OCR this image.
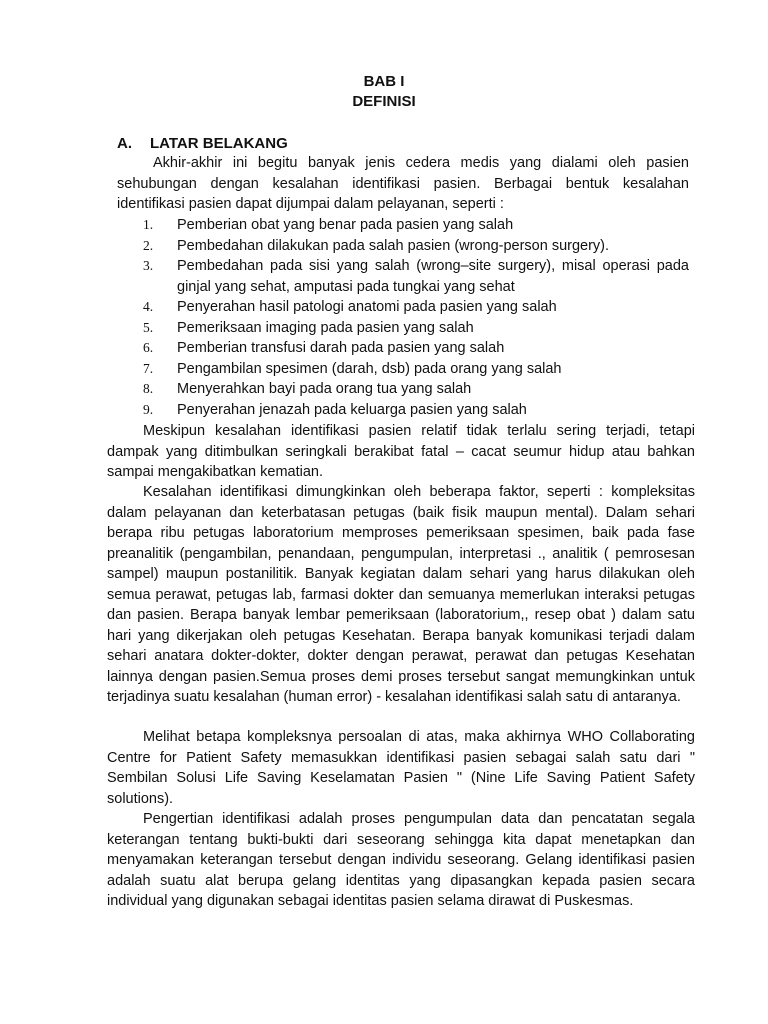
BAB I
DEFINISI
A. LATAR BELAKANG

Akhir-akhir ini begitu banyak jenis cedera medis yang dialami oleh pasien sehubungan dengan kesalahan identifikasi pasien. Berbagai bentuk kesalahan identifikasi pasien dapat dijumpai dalam pelayanan, seperti :

1.	Pemberian obat yang benar pada pasien yang salah
2.	Pembedahan dilakukan pada salah pasien (wrong-person surgery).
3.	Pembedahan pada sisi yang salah (wrong–site surgery), misal operasi pada ginjal yang sehat, amputasi pada tungkai yang sehat
4.	Penyerahan hasil patologi anatomi pada pasien yang salah
5.	Pemeriksaan imaging pada pasien yang salah
6.	Pemberian transfusi darah pada pasien yang salah
7.	Pengambilan spesimen (darah, dsb) pada orang yang salah
8.	Menyerahkan bayi pada orang tua yang salah
9.	Penyerahan jenazah pada keluarga pasien yang salah

Meskipun kesalahan identifikasi pasien relatif tidak terlalu sering terjadi, tetapi dampak yang ditimbulkan seringkali berakibat fatal – cacat seumur hidup atau bahkan sampai mengakibatkan kematian.

Kesalahan identifikasi dimungkinkan oleh beberapa faktor, seperti : kompleksitas dalam pelayanan dan keterbatasan petugas (baik fisik maupun mental). Dalam sehari berapa ribu petugas laboratorium memproses pemeriksaan spesimen, baik pada fase preanalitik (pengambilan, penandaan, pengumpulan, interpretasi ., analitik ( pemrosesan sampel) maupun postanilitik. Banyak kegiatan dalam sehari yang harus dilakukan oleh semua perawat, petugas lab, farmasi dokter dan semuanya memerlukan interaksi petugas dan pasien. Berapa banyak lembar pemeriksaan (laboratorium,, resep obat ) dalam satu hari yang dikerjakan oleh petugas Kesehatan. Berapa banyak komunikasi terjadi dalam sehari anatara dokter-dokter, dokter dengan perawat, perawat dan petugas Kesehatan lainnya dengan pasien.Semua proses demi proses tersebut sangat memungkinkan untuk terjadinya suatu kesalahan (human error) - kesalahan identifikasi salah satu di antaranya.

Melihat betapa kompleksnya persoalan di atas, maka akhirnya WHO Collaborating Centre for Patient Safety memasukkan identifikasi pasien sebagai salah satu dari " Sembilan Solusi Life Saving Keselamatan Pasien " (Nine Life Saving Patient Safety solutions).

Pengertian identifikasi adalah proses pengumpulan data dan pencatatan segala keterangan tentang bukti-bukti dari seseorang sehingga kita dapat menetapkan dan menyamakan keterangan tersebut dengan individu seseorang. Gelang identifikasi pasien adalah suatu alat berupa gelang identitas yang dipasangkan kepada pasien secara individual yang digunakan sebagai identitas pasien selama dirawat di Puskesmas.
